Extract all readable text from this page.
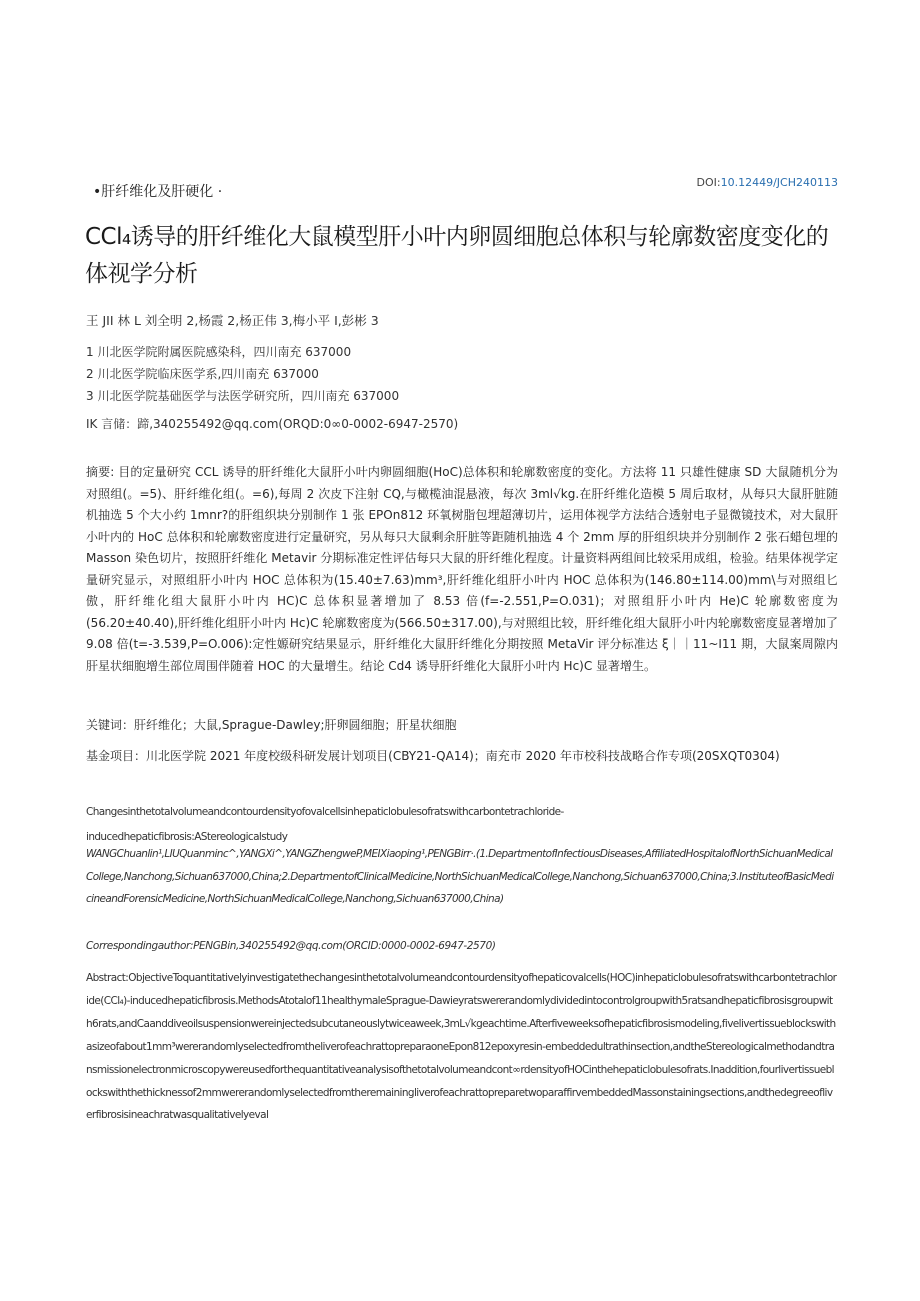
•肝纤维化及肝硬化 ·
DOI:10.12449/JCH240113
CCl₄诱导的肝纤维化大鼠模型肝小叶内卵圆细胞总体积与轮廓数密度变化的体视学分析
王 JII 林 L 刘全明 2,杨霞 2,杨正伟 3,梅小平 I,彭彬 3
1 川北医学院附属医院感染科，四川南充 637000
2 川北医学院临床医学系,四川南充 637000
3 川北医学院基础医学与法医学研究所，四川南充 637000
IK 言储：蹄,340255492@qq.com(ORQD:0∞0-0002-6947-2570)

摘要: 目的定量研究 CCL 诱导的肝纤维化大鼠肝小叶内卵圆细胞(HoC)总体积和轮廓数密度的变化。方法将 11 只雄性健康 SD 大鼠随机分为对照组(。=5)、肝纤维化组(。=6),每周 2 次皮下注射 CQ,与橄榄油混悬液，每次 3ml√kg.在肝纤维化造模 5 周后取材，从每只大鼠肝脏随机抽选 5 个大小约 1mnr?的肝组织块分别制作 1 张 EPOn812 环氧树脂包埋超薄切片，运用体视学方法结合透射电子显微镜技术，对大鼠肝小叶内的 HoC 总体积和轮廓数密度进行定量研究，另从每只大鼠剩余肝脏等距随机抽选 4 个 2mm 厚的肝组织块并分别制作 2 张石蜡包埋的 Masson 染色切片，按照肝纤维化 Metavir 分期标准定性评估每只大鼠的肝纤维化程度。计量资料两组间比较采用成组，检验。结果体视学定量研究显示，对照组肝小叶内 HOC 总体积为(15.40±7.63)mm³,肝纤维化组肝小叶内 HOC 总体积为(146.80±114.00)mm\与对照组匕傲，肝纤维化组大鼠肝小叶内 HC)C 总体积显著增加了 8.53 倍(f=-2.551,P=O.031)；对照组肝小叶内 He)C 轮廓数密度为(56.20±40.40),肝纤维化组肝小叶内 Hc)C 轮廓数密度为(566.50±317.00),与对照组比较，肝纤维化组大鼠肝小叶内轮廓数密度显著增加了 9.08 倍(t=-3.539,P=O.006):定性嫄研究结果显示，肝纤维化大鼠肝纤维化分期按照 MetaVir 评分标准达 ξ｜｜11~I11 期，大鼠案周隙内肝星状细胞增生部位周围伴随着 HOC 的大量增生。结论 Cd4 诱导肝纤维化大鼠肝小叶内 Hc)C 显著增生。

关键词：肝纤维化；大鼠,Sprague-Dawley;肝卵圆细胞；肝星状细胞
基金项目：川北医学院 2021 年度校级科研发展计划项目(CBY21-QA14)；南充市 2020 年市校科技战略合作专项(20SXQT0304)
Changesinthetotalvolumeandcontourdensityofovalcellsinhepaticlobulesofratswithcarbontetrachloride-
inducedhepaticfibrosis:AStereologicalstudy
WANGChuanlin¹,LIUQuanminc^,YANGXi^,YANGZhengweP,MEIXiaoping¹,PENGBirr·.(1.DepartmentofInfectiousDiseases,AffiliatedHospitalofNorthSichuanMedicalCollege,Nanchong,Sichuan637000,China;2.DepartmentofClinicalMedicine,NorthSichuanMedicalCollege,Nanchong,Sichuan637000,China;3.InstituteofBasicMedicineandForensicMedicine,NorthSichuanMedicalCollege,Nanchong,Sichuan637000,China)
Correspondingauthor:PENGBin,340255492@qq.com(ORCID:0000-0002-6947-2570)
Abstract:ObjectiveToquantitativelyinvestigatethechangesinthetotalvolumeandcontourdensityofhepaticovalcells(HOC)inhepaticlobulesofratswithcarbontetrachloride(CCl₄)-inducedhepaticfibrosis.MethodsAtotalof11healthymaleSprague-Dawieyratswererandomlydividedintocontrolgroupwith5ratsandhepaticfibrosisgroupwith6rats,andCaanddiveoilsuspensionwereinjectedsubcutaneouslytwiceaweek,3mL√kgeachtime.Afterfiveweeksofhepaticfibrosismodeling,fivelivertissueblockswithasizeofabout1mm³wererandomlyselectedfromtheliverofeachrattopreparaoneEpon812epoxyresin-embeddedultrathinsection,andtheStereologicalmethodandtransmissionelectronmicroscopywereusedforthequantitativeanalysisofthetotalvolumeandcont∞rdensityofHOCinthehepaticlobulesofrats.Inaddition,fourlivertissueblockswiththethicknessof2mmwererandomlyselectedfromtheremainingliverofeachrattopreparetwoparaffirvembeddedMassonstainingsections,andthedegreeofliverfibrosisineachratwasqualitativelyeval
